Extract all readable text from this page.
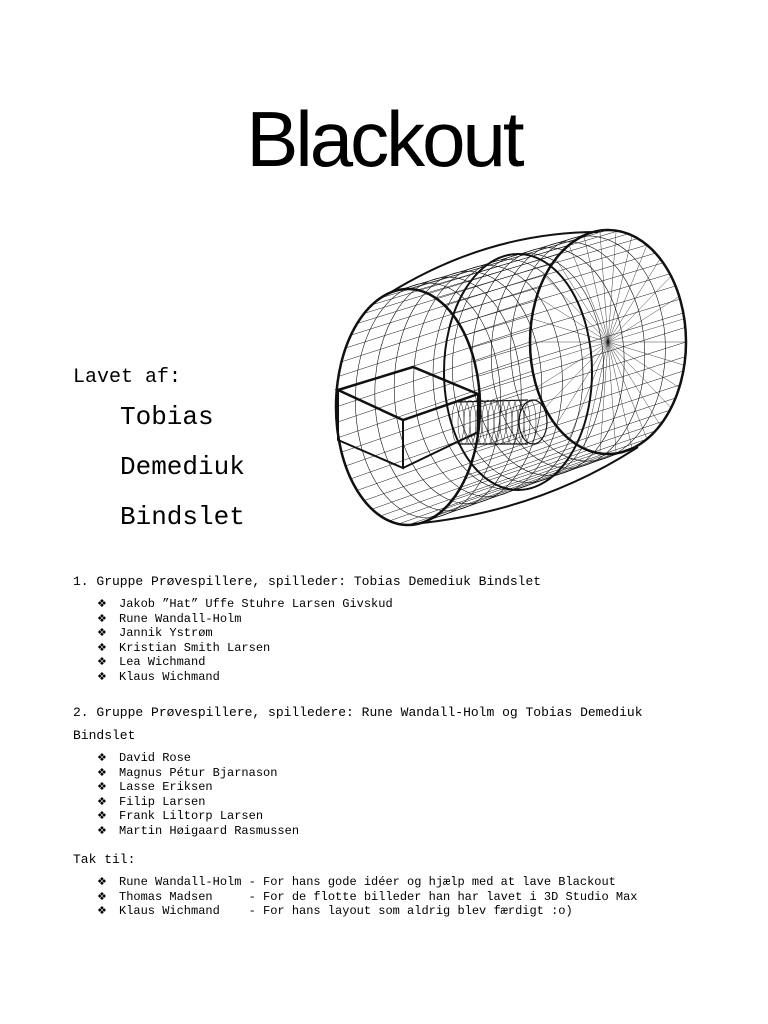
Blackout

Lavet af:

Tobias

Demediuk

Bindslet

1. Gruppe Prøvespillere, spilleder: Tobias Demediuk Bindslet

❖	Jakob ”Hat” Uffe Stuhre Larsen Givskud
❖	Rune Wandall-Holm
❖	Jannik Ystrøm
❖	Kristian Smith Larsen
❖	Lea Wichmand
❖	Klaus Wichmand

2. Gruppe Prøvespillere, spilledere: Rune Wandall-Holm og Tobias Demediuk

Bindslet

❖	David Rose
❖	Magnus Pétur Bjarnason
❖	Lasse Eriksen
❖	Filip Larsen
❖	Frank Liltorp Larsen
❖	Martin Høigaard Rasmussen

Tak til:

❖	Rune Wandall-Holm - For hans gode idéer og hjælp med at lave Blackout
❖	Thomas Madsen     - For de flotte billeder han har lavet i 3D Studio Max
❖	Klaus Wichmand    - For hans layout som aldrig blev færdigt :o)
